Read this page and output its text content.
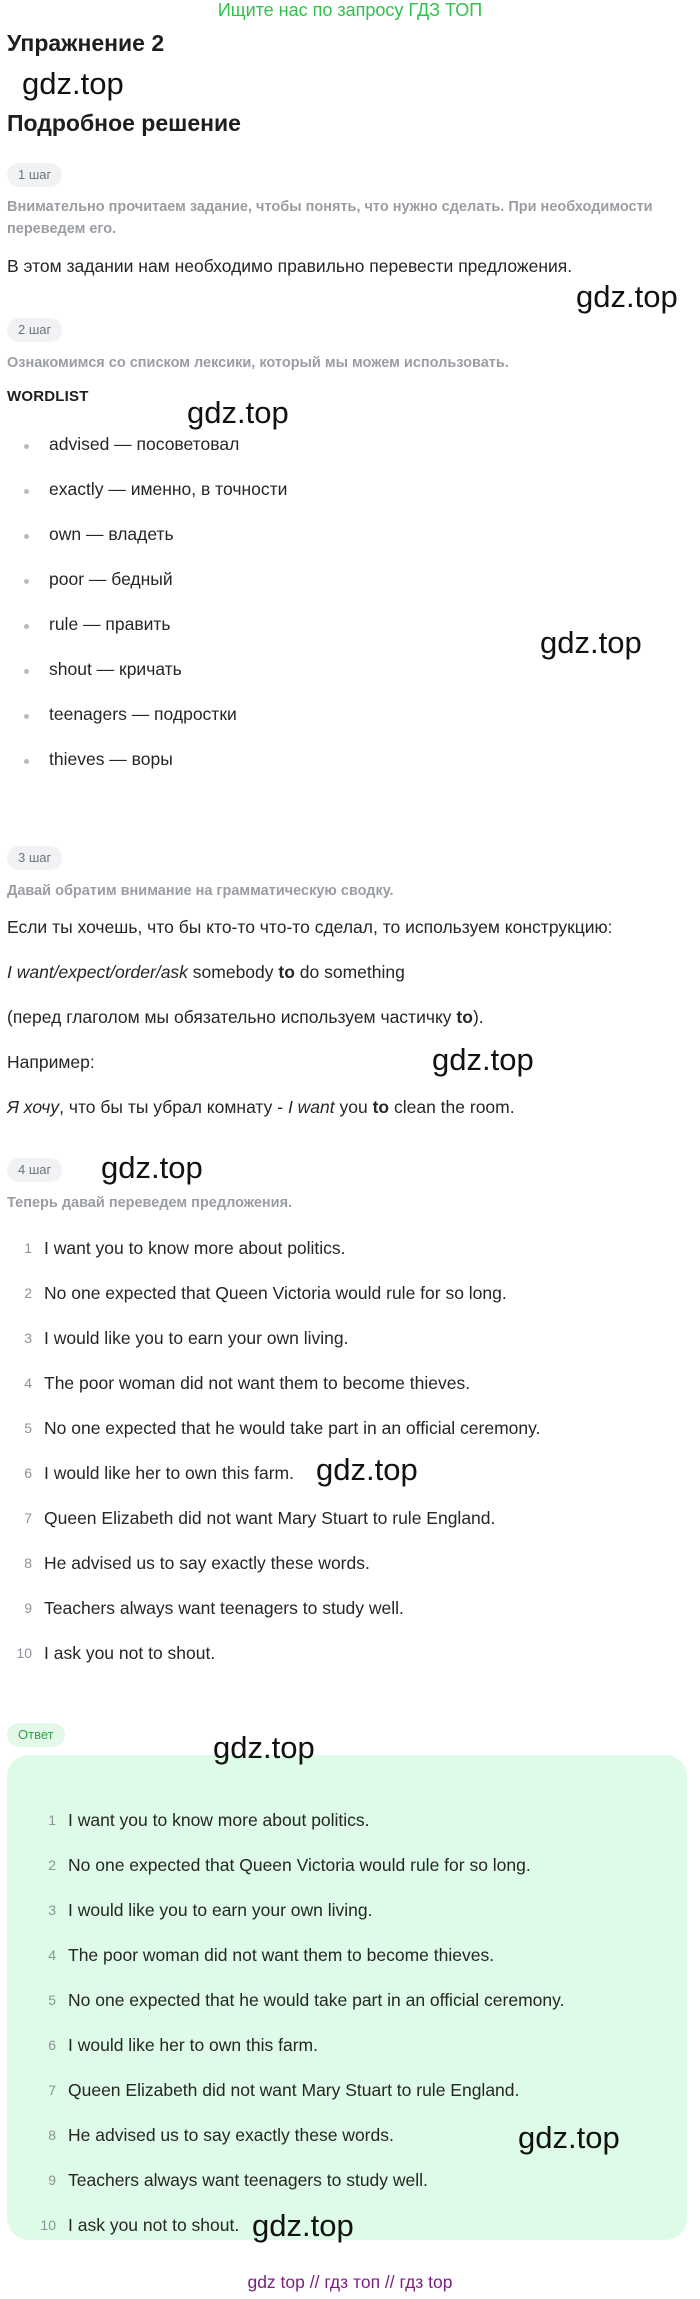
Ищите нас по запросу ГДЗ ТОП
Упражнение 2
gdz.top
Подробное решение
1 шаг
Внимательно прочитаем задание, чтобы понять, что нужно сделать. При необходимости переведем его.
В этом задании нам необходимо правильно перевести предложения.
gdz.top
2 шаг
Ознакомимся со списком лексики, который мы можем использовать.
WORDLIST	gdz.top
advised — посоветовал
exactly — именно, в точности
own — владеть
poor — бедный
rule — править
shout — кричать
teenagers — подростки
thieves — воры
gdz.top
3 шаг
Давай обратим внимание на грамматическую сводку.
Если ты хочешь, что бы кто-то что-то сделал, то используем конструкцию:
I want/expect/order/ask somebody to do something
(перед глаголом мы обязательно используем частичку to).
Например:	gdz.top
Я хочу, что бы ты убрал комнату - I want you to clean the room.
4 шаг	gdz.top
Теперь давай переведем предложения.
1 I want you to know more about politics.
2 No one expected that Queen Victoria would rule for so long.
3 I would like you to earn your own living.
4 The poor woman did not want them to become thieves.
5 No one expected that he would take part in an official ceremony.
6 I would like her to own this farm.
7 Queen Elizabeth did not want Mary Stuart to rule England.
8 He advised us to say exactly these words.
9 Teachers always want teenagers to study well.
10 I ask you not to shout.
gdz.top
Ответ	gdz.top
1 I want you to know more about politics.
2 No one expected that Queen Victoria would rule for so long.
3 I would like you to earn your own living.
4 The poor woman did not want them to become thieves.
5 No one expected that he would take part in an official ceremony.
6 I would like her to own this farm.
7 Queen Elizabeth did not want Mary Stuart to rule England.
8 He advised us to say exactly these words.
9 Teachers always want teenagers to study well.
10 I ask you not to shout.
gdz.top
gdz.top
gdz top // гдз топ // гдз top
